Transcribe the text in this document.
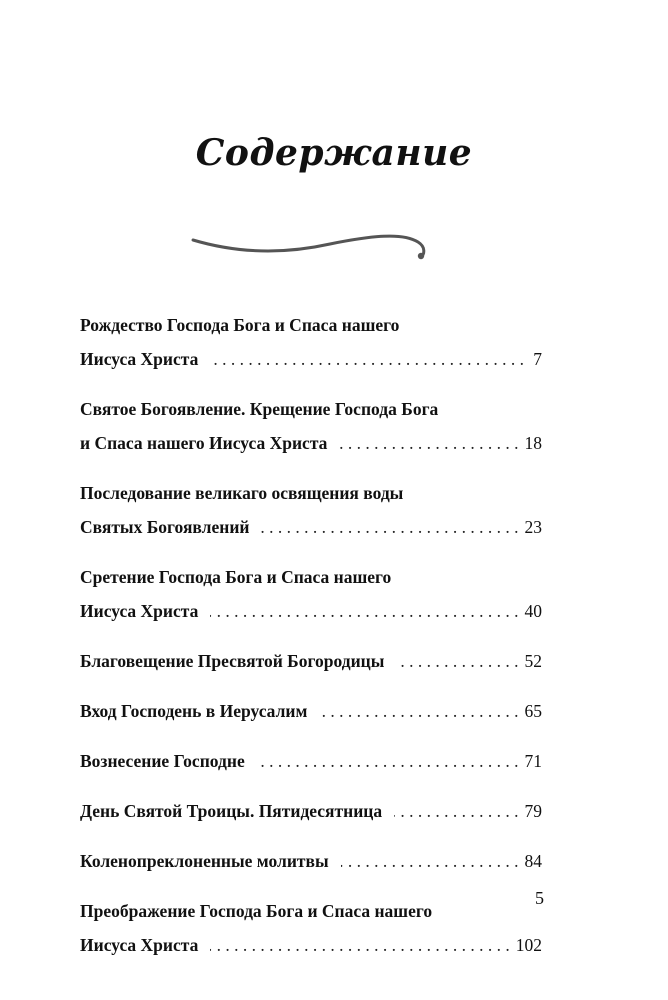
Содержание
Рождество Господа Бога и Спаса нашего
Иисуса Христа . . .	7
Святое Богоявление. Крещение Господа Бога
и Спаса нашего Иисуса Христа . . .	18
Последование великаго освящения воды
Святых Богоявлений . . .	23
Сретение Господа Бога и Спаса нашего
Иисуса Христа . . .	40
Благовещение Пресвятой Богородицы . . .	52
Вход Господень в Иерусалим . . .	65
Вознесение Господне . . .	71
День Святой Троицы. Пятидесятница . . .	79
Коленопреклоненные молитвы . . .	84
Преображение Господа Бога и Спаса нашего
Иисуса Христа . . .	102
5
